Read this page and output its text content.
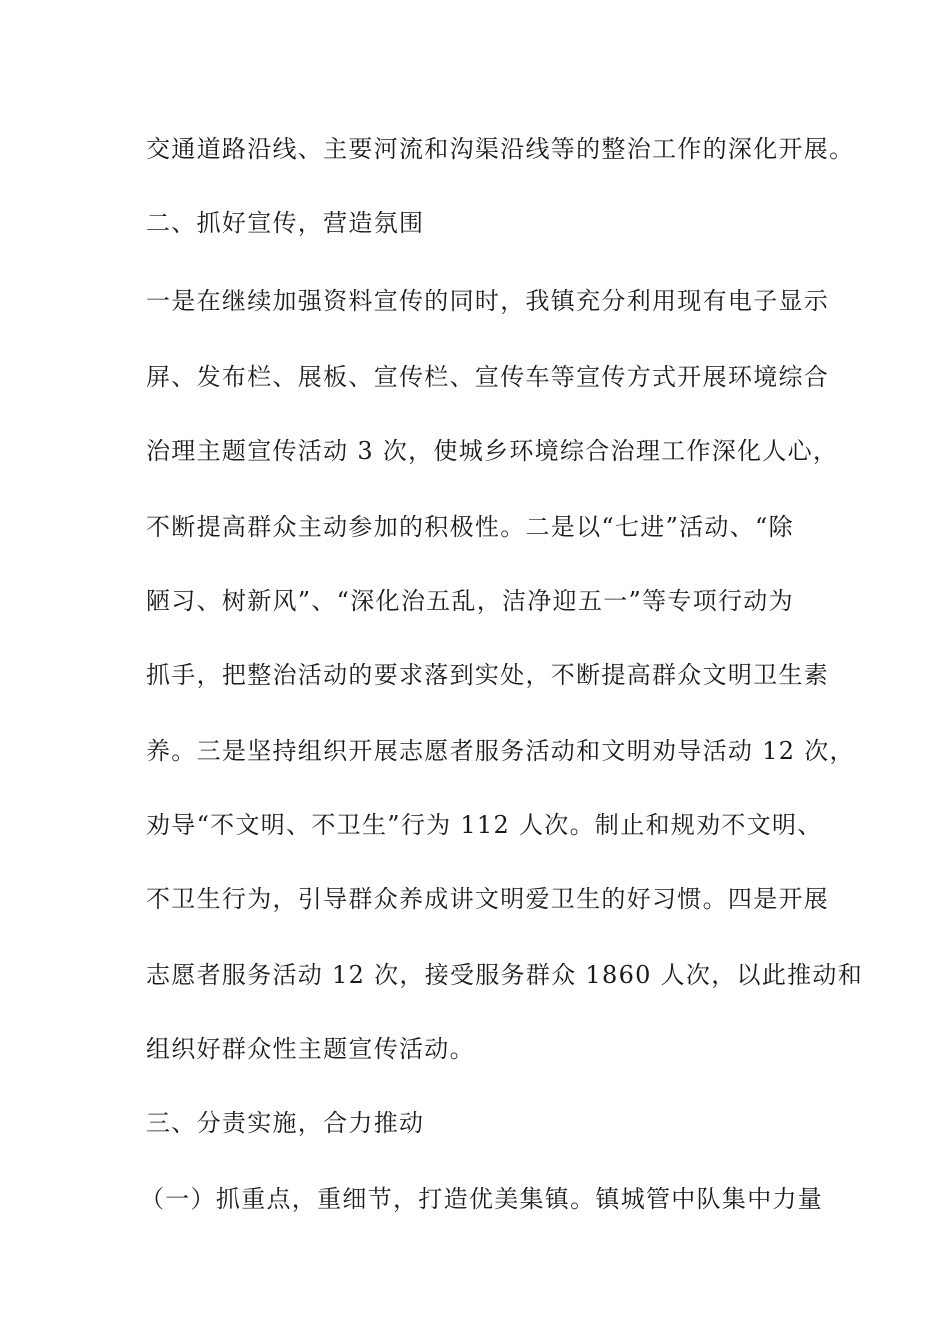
交通道路沿线、主要河流和沟渠沿线等的整治工作的深化开展。
二、抓好宣传，营造氛围
一是在继续加强资料宣传的同时，我镇充分利用现有电子显示
屏、发布栏、展板、宣传栏、宣传车等宣传方式开展环境综合
治理主题宣传活动 3 次，使城乡环境综合治理工作深化人心，
不断提高群众主动参加的积极性。二是以“七进”活动、“除
陋习、树新风”、“深化治五乱，洁净迎五一”等专项行动为
抓手，把整治活动的要求落到实处，不断提高群众文明卫生素
养。三是坚持组织开展志愿者服务活动和文明劝导活动 12 次，
劝导“不文明、不卫生”行为 112 人次。制止和规劝不文明、
不卫生行为，引导群众养成讲文明爱卫生的好习惯。四是开展
志愿者服务活动 12 次，接受服务群众 1860 人次，以此推动和
组织好群众性主题宣传活动。
三、分责实施，合力推动
（一）抓重点，重细节，打造优美集镇。镇城管中队集中力量
